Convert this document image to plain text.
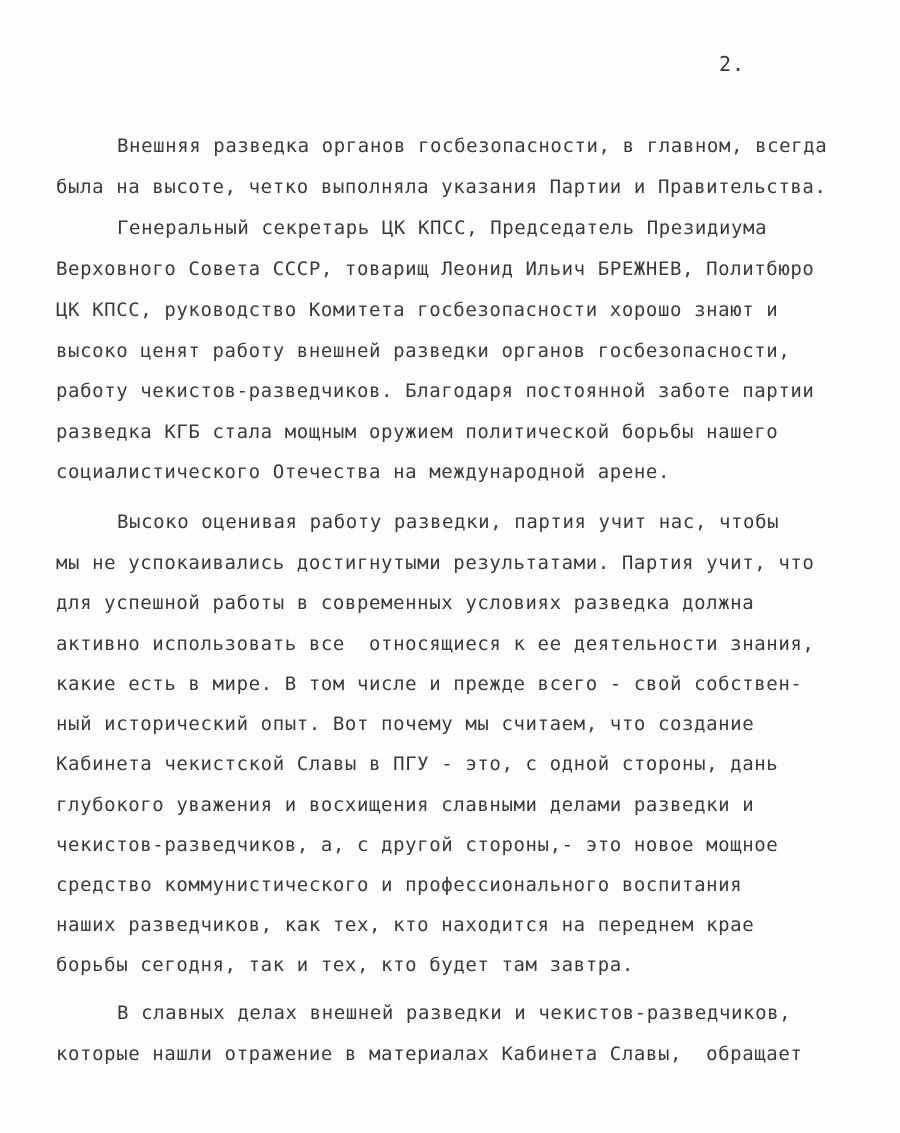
2.
Внешняя разведка органов госбезопасности, в главном, всегда
была на высоте, четко выполняла указания Партии и Правительства.
Генеральный секретарь ЦК КПСС, Председатель Президиума
Верховного Совета СССР, товарищ Леонид Ильич БРЕЖНЕВ, Политбюро
ЦК КПСС, руководство Комитета госбезопасности хорошо знают и
высоко ценят работу внешней разведки органов госбезопасности,
работу чекистов-разведчиков. Благодаря постоянной заботе партии
разведка КГБ стала мощным оружием политической борьбы нашего
социалистического Отечества на международной арене.
Высоко оценивая работу разведки, партия учит нас, чтобы
мы не успокаивались достигнутыми результатами. Партия учит, что
для успешной работы в современных условиях разведка должна
активно использовать все  относящиеся к ее деятельности знания,
какие есть в мире. В том числе и прежде всего - свой собствен-
ный исторический опыт. Вот почему мы считаем, что создание
Кабинета чекистской Славы в ПГУ - это, с одной стороны, дань
глубокого уважения и восхищения славными делами разведки и
чекистов-разведчиков, а, с другой стороны,- это новое мощное
средство коммунистического и профессионального воспитания
наших разведчиков, как тех, кто находится на переднем крае
борьбы сегодня, так и тех, кто будет там завтра.
В славных делах внешней разведки и чекистов-разведчиков,
которые нашли отражение в материалах Кабинета Славы,  обращает
